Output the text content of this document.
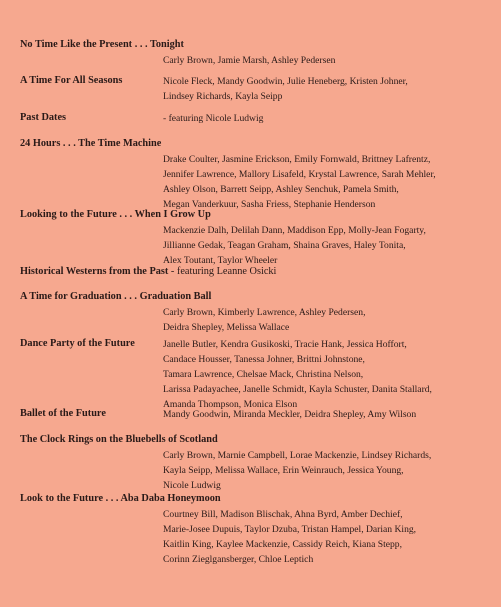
No Time Like the Present . . . Tonight
Carly Brown, Jamie Marsh, Ashley Pedersen
A Time For All Seasons	Nicole Fleck, Mandy Goodwin, Julie Heneberg, Kristen Johner,
Lindsey Richards, Kayla Seipp
Past Dates	- featuring Nicole Ludwig
24 Hours . . . The Time Machine
Drake Coulter, Jasmine Erickson, Emily Fornwald, Brittney Lafrentz,
Jennifer Lawrence, Mallory Lisafeld, Krystal Lawrence, Sarah Mehler,
Ashley Olson, Barrett Seipp, Ashley Senchuk, Pamela Smith,
Megan Vanderkuur, Sasha Friess, Stephanie Henderson
Looking to the Future . . . When I Grow Up
Mackenzie Dalh, Delilah Dann, Maddison Epp, Molly-Jean Fogarty,
Jillianne Gedak, Teagan Graham, Shaina Graves, Haley Tonita,
Alex Toutant, Taylor Wheeler
Historical Westerns from the Past - featuring Leanne Osicki
A Time for Graduation . . . Graduation Ball
Carly Brown, Kimberly Lawrence, Ashley Pedersen,
Deidra Shepley, Melissa Wallace
Dance Party of the Future	Janelle Butler, Kendra Gusikoski, Tracie Hank, Jessica Hoffort,
Candace Housser, Tanessa Johner, Brittni Johnstone,
Tamara Lawrence, Chelsae Mack, Christina Nelson,
Larissa Padayachee, Janelle Schmidt, Kayla Schuster, Danita Stallard,
Amanda Thompson, Monica Elson
Ballet of the Future	Mandy Goodwin, Miranda Meckler, Deidra Shepley, Amy Wilson
The Clock Rings on the Bluebells of Scotland
Carly Brown, Marnie Campbell, Lorae Mackenzie, Lindsey Richards,
Kayla Seipp, Melissa Wallace, Erin Weinrauch, Jessica Young,
Nicole Ludwig
Look to the Future . . . Aba Daba Honeymoon
Courtney Bill, Madison Blischak, Ahna Byrd, Amber Dechief,
Marie-Josee Dupuis, Taylor Dzuba, Tristan Hampel, Darian King,
Kaitlin King, Kaylee Mackenzie, Cassidy Reich, Kiana Stepp,
Corinn Zieglgansberger, Chloe Leptich
